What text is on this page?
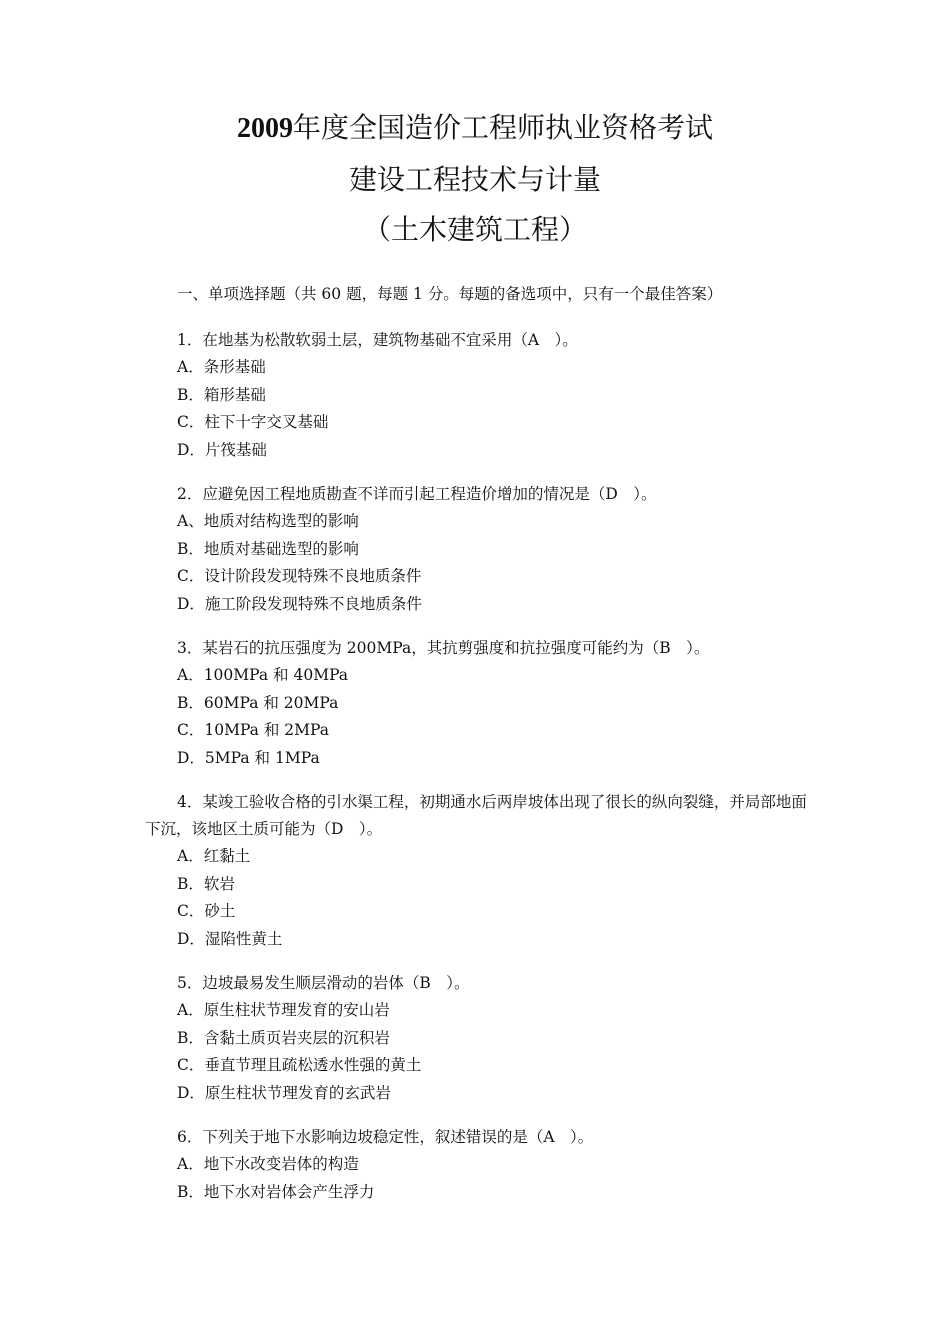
2009年度全国造价工程师执业资格考试
建设工程技术与计量
（土木建筑工程）
一、单项选择题（共 60 题，每题 1 分。每题的备选项中，只有一个最佳答案）
1．在地基为松散软弱土层，建筑物基础不宜采用（A　）。
A．条形基础
B．箱形基础
C．柱下十字交叉基础
D．片筏基础
2．应避免因工程地质勘查不详而引起工程造价增加的情况是（D　）。
A、地质对结构选型的影响
B．地质对基础选型的影响
C．设计阶段发现特殊不良地质条件
D．施工阶段发现特殊不良地质条件
3．某岩石的抗压强度为 200MPa，其抗剪强度和抗拉强度可能约为（B　）。
A．100MPa 和 40MPa
B．60MPa 和 20MPa
C．10MPa 和 2MPa
D．5MPa 和 1MPa
4．某竣工验收合格的引水渠工程，初期通水后两岸坡体出现了很长的纵向裂缝，并局部地面下沉，该地区土质可能为（D　）。
A．红黏土
B．软岩
C．砂土
D．湿陷性黄土
5．边坡最易发生顺层滑动的岩体（B　）。
A．原生柱状节理发育的安山岩
B．含黏土质页岩夹层的沉积岩
C．垂直节理且疏松透水性强的黄土
D．原生柱状节理发育的玄武岩
6．下列关于地下水影响边坡稳定性，叙述错误的是（A　）。
A．地下水改变岩体的构造
B．地下水对岩体会产生浮力
